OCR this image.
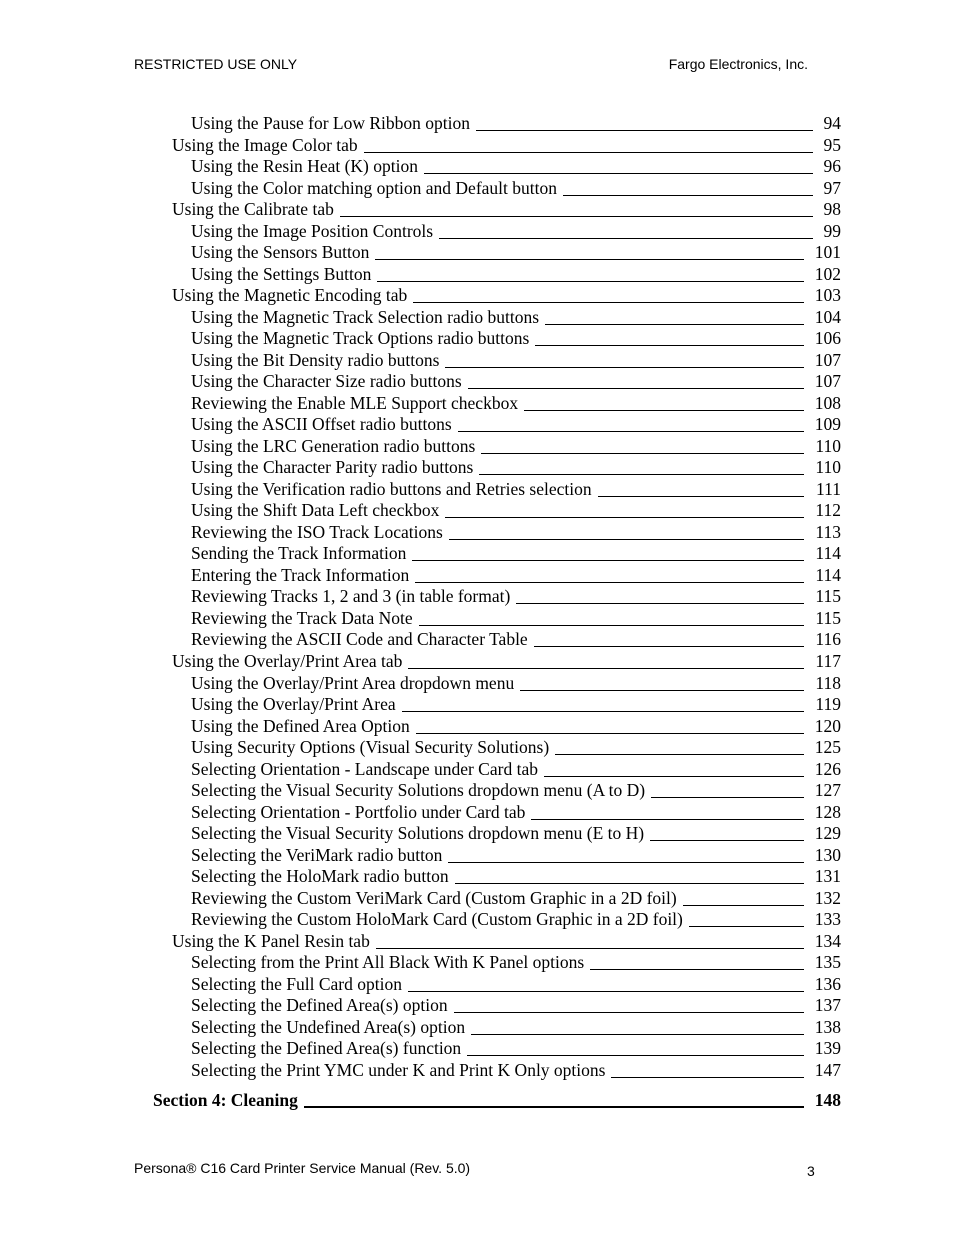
RESTRICTED USE ONLY	Fargo Electronics, Inc.
Using the Pause for Low Ribbon option	94
Using the Image Color tab	95
Using the Resin Heat (K) option	96
Using the Color matching option and Default button	97
Using the Calibrate tab	98
Using the Image Position Controls	99
Using the Sensors Button	101
Using the Settings Button	102
Using the Magnetic Encoding tab	103
Using the Magnetic Track Selection radio buttons	104
Using the Magnetic Track Options radio buttons	106
Using the Bit Density radio buttons	107
Using the Character Size radio buttons	107
Reviewing the Enable MLE Support checkbox	108
Using the ASCII Offset radio buttons	109
Using the LRC Generation radio buttons	110
Using the Character Parity radio buttons	110
Using the Verification radio buttons and Retries selection	111
Using the Shift Data Left checkbox	112
Reviewing the ISO Track Locations	113
Sending the Track Information	114
Entering the Track Information	114
Reviewing Tracks 1, 2 and 3 (in table format)	115
Reviewing the Track Data Note	115
Reviewing the ASCII Code and Character Table	116
Using the Overlay/Print Area tab	117
Using the Overlay/Print Area dropdown menu	118
Using the Overlay/Print Area	119
Using the Defined Area Option	120
Using Security Options (Visual Security Solutions)	125
Selecting Orientation - Landscape under Card tab	126
Selecting the Visual Security Solutions dropdown menu (A to D)	127
Selecting Orientation - Portfolio under Card tab	128
Selecting the Visual Security Solutions dropdown menu (E to H)	129
Selecting the VeriMark radio button	130
Selecting the HoloMark radio button	131
Reviewing the Custom VeriMark Card (Custom Graphic in a 2D foil)	132
Reviewing the Custom HoloMark Card (Custom Graphic in a 2D foil)	133
Using the K Panel Resin tab	134
Selecting from the Print All Black With K Panel options	135
Selecting the Full Card option	136
Selecting the Defined Area(s) option	137
Selecting the Undefined Area(s) option	138
Selecting the Defined Area(s) function	139
Selecting the Print YMC under K and Print K Only options	147
Section 4: Cleaning	148
Persona® C16 Card Printer Service Manual (Rev. 5.0)	3
